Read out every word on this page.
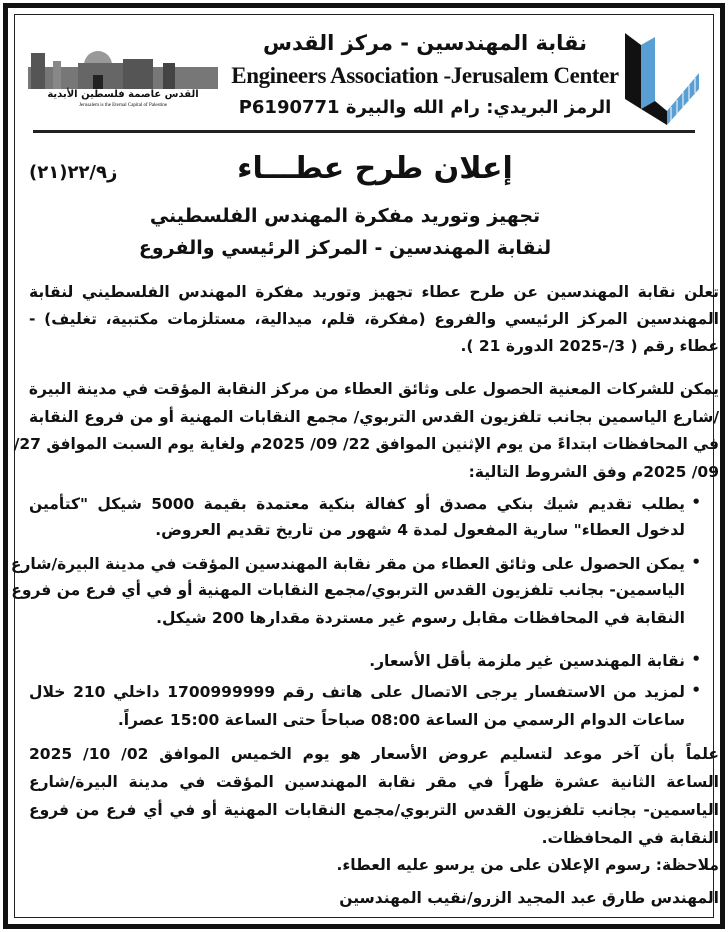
القدس عاصمة فلسطين الأبدية
Jerusalem is the Eternal Capital of Palestine
نقابة المهندسين - مركز القدس
Engineers Association -Jerusalem Center
الرمز البريدي: رام الله والبيرة P6190771
إعلان طرح عطـــاء
ز٢٢/٩(٢١)
تجهيز وتوريد مفكرة المهندس الفلسطيني
لنقابة المهندسين - المركز الرئيسي والفروع
تعلن نقابة المهندسين عن طرح عطاء تجهيز وتوريد مفكرة المهندس الفلسطيني لنقابة
المهندسين المركز الرئيسي والفروع (مفكرة، قلم، ميدالية، مستلزمات مكتبية، تغليف) -
عطاء رقم ( 3/-2025 الدورة 21 ).
يمكن للشركات المعنية الحصول على وثائق العطاء من مركز النقابة المؤقت في مدينة البيرة
/شارع الياسمين بجانب تلفزيون القدس التربوي/ مجمع النقابات المهنية أو من فروع النقابة
في المحافظات ابتداءً من يوم الإثنين الموافق 22/ 09/ 2025م ولغاية يوم السبت الموافق 27/
09/ 2025م وفق الشروط التالية:
•
يطلب تقديم شيك بنكي مصدق أو كفالة بنكية معتمدة بقيمة 5000 شيكل "كتأمين
لدخول العطاء" سارية المفعول لمدة 4 شهور من تاريخ تقديم العروض.
•
يمكن الحصول على وثائق العطاء من مقر نقابة المهندسين المؤقت في مدينة البيرة/شارع
الياسمين- بجانب تلفزيون القدس التربوي/مجمع النقابات المهنية أو في أي فرع من فروع
النقابة في المحافظات مقابل رسوم غير مستردة مقدارها 200 شيكل.
•
نقابة المهندسين غير ملزمة بأقل الأسعار.
•
لمزيد من الاستفسار يرجى الاتصال على هاتف رقم 1700999999 داخلي 210 خلال
ساعات الدوام الرسمي من الساعة 08:00 صباحاً حتى الساعة 15:00 عصراً.
علماً بأن آخر موعد لتسليم عروض الأسعار هو يوم الخميس الموافق 02/ 10/ 2025
الساعة الثانية عشرة ظهراً في مقر نقابة المهندسين المؤقت في مدينة البيرة/شارع
الياسمين- بجانب تلفزيون القدس التربوي/مجمع النقابات المهنية أو في أي فرع من فروع
النقابة في المحافظات.
ملاحظة: رسوم الإعلان على من يرسو عليه العطاء.
المهندس طارق عبد المجيد الزرو/نقيب المهندسين
